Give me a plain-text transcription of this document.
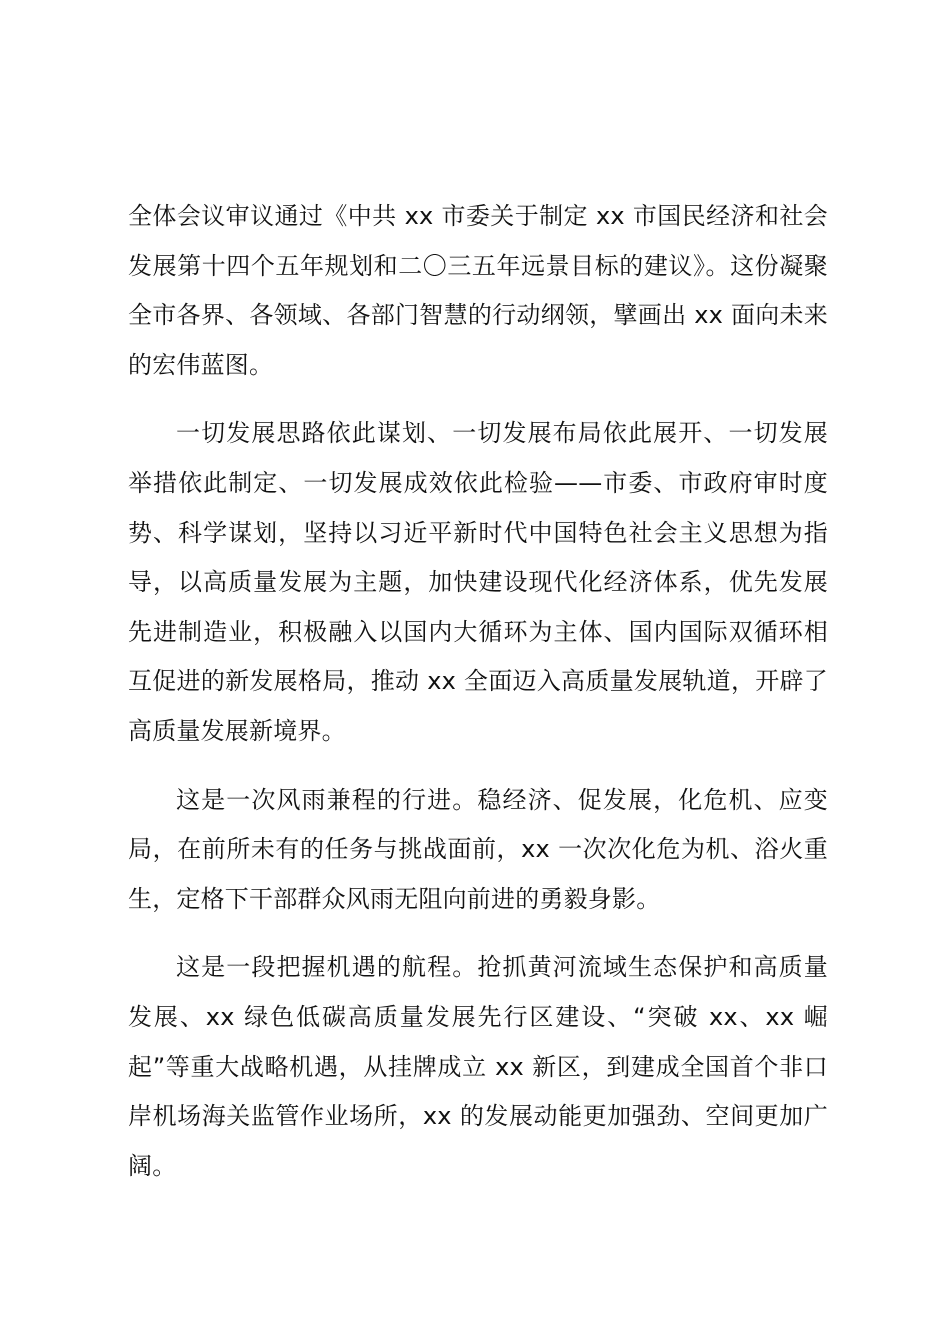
全体会议审议通过《中共 xx 市委关于制定 xx 市国民经济和社会发展第十四个五年规划和二〇三五年远景目标的建议》。这份凝聚全市各界、各领域、各部门智慧的行动纲领，擘画出 xx 面向未来的宏伟蓝图。

一切发展思路依此谋划、一切发展布局依此展开、一切发展举措依此制定、一切发展成效依此检验——市委、市政府审时度势、科学谋划，坚持以习近平新时代中国特色社会主义思想为指导，以高质量发展为主题，加快建设现代化经济体系，优先发展先进制造业，积极融入以国内大循环为主体、国内国际双循环相互促进的新发展格局，推动 xx 全面迈入高质量发展轨道，开辟了高质量发展新境界。

这是一次风雨兼程的行进。稳经济、促发展，化危机、应变局，在前所未有的任务与挑战面前，xx 一次次化危为机、浴火重生，定格下干部群众风雨无阻向前进的勇毅身影。

这是一段把握机遇的航程。抢抓黄河流域生态保护和高质量发展、xx 绿色低碳高质量发展先行区建设、“突破 xx、xx 崛起”等重大战略机遇，从挂牌成立 xx 新区，到建成全国首个非口岸机场海关监管作业场所，xx 的发展动能更加强劲、空间更加广阔。
